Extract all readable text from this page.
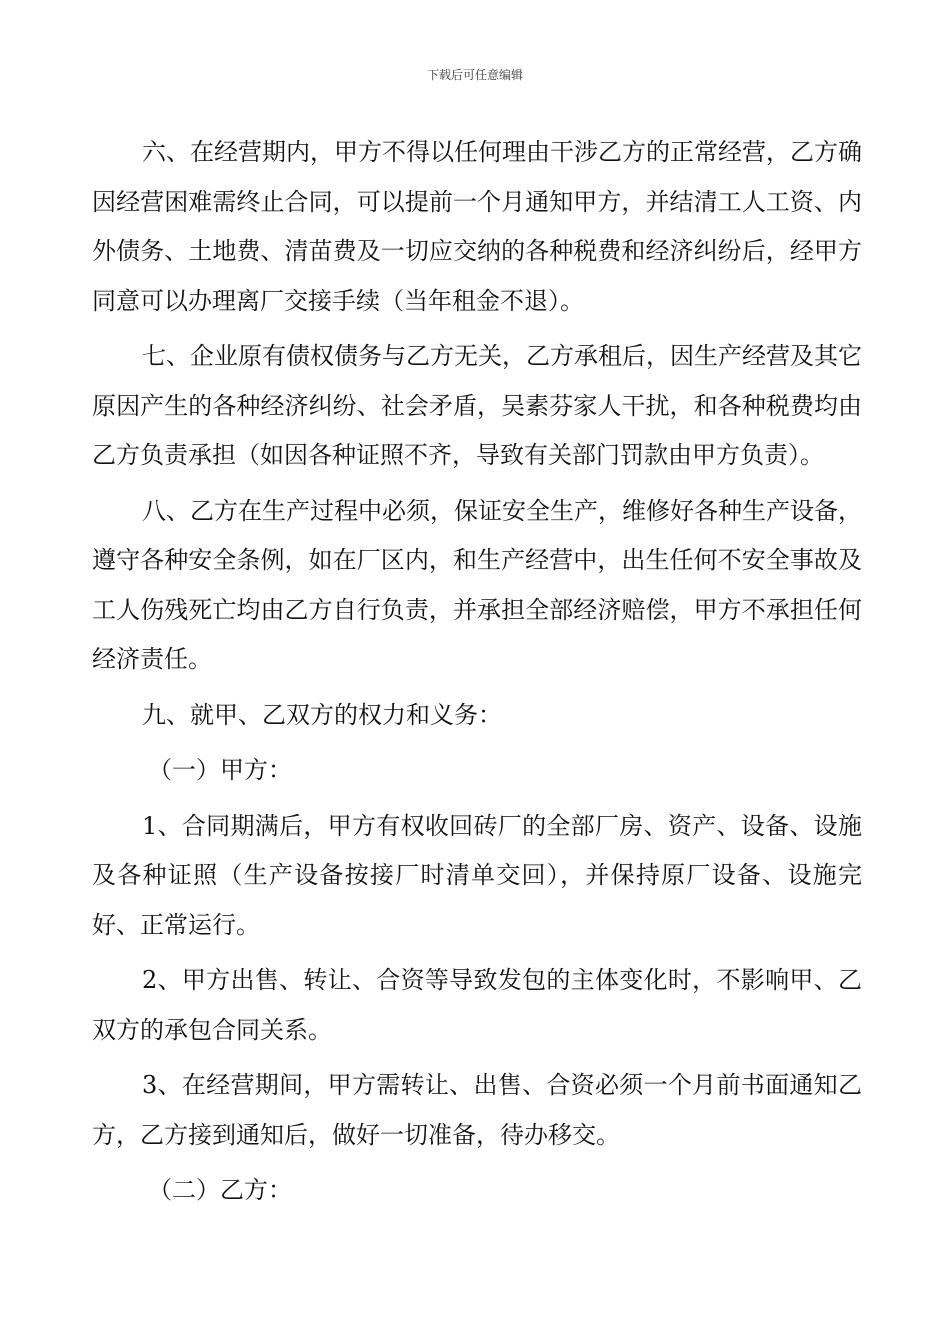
下载后可任意编辑

六、在经营期内，甲方不得以任何理由干涉乙方的正常经营，乙方确因经营困难需终止合同，可以提前一个月通知甲方，并结清工人工资、内外债务、土地费、清苗费及一切应交纳的各种税费和经济纠纷后，经甲方同意可以办理离厂交接手续（当年租金不退）。

七、企业原有债权债务与乙方无关，乙方承租后，因生产经营及其它原因产生的各种经济纠纷、社会矛盾，吴素芬家人干扰，和各种税费均由乙方负责承担（如因各种证照不齐，导致有关部门罚款由甲方负责）。

八、乙方在生产过程中必须，保证安全生产，维修好各种生产设备，遵守各种安全条例，如在厂区内，和生产经营中，出生任何不安全事故及工人伤残死亡均由乙方自行负责，并承担全部经济赔偿，甲方不承担任何经济责任。

九、就甲、乙双方的权力和义务：

（一）甲方：

1、合同期满后，甲方有权收回砖厂的全部厂房、资产、设备、设施及各种证照（生产设备按接厂时清单交回），并保持原厂设备、设施完好、正常运行。

2、甲方出售、转让、合资等导致发包的主体变化时，不影响甲、乙双方的承包合同关系。

3、在经营期间，甲方需转让、出售、合资必须一个月前书面通知乙方，乙方接到通知后，做好一切准备，待办移交。

（二）乙方：
